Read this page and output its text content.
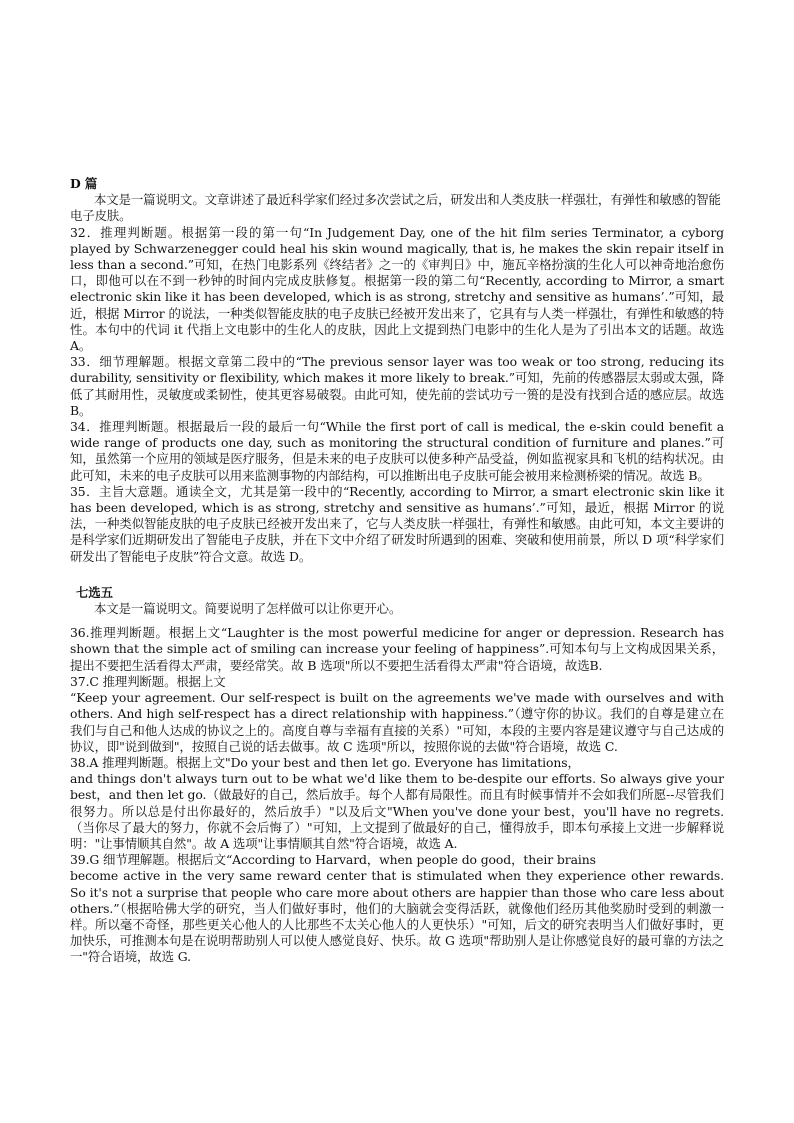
D 篇

本文是一篇说明文。文章讲述了最近科学家们经过多次尝试之后，研发出和人类皮肤一样强壮，有弹性和敏感的智能电子皮肤。

32．推理判断题。根据第一段的第一句“In Judgement Day, one of the hit film series Terminator, a cyborg played by Schwarzenegger could heal his skin wound magically, that is, he makes the skin repair itself in less than a second.”可知，在热门电影系列《终结者》之一的《审判日》中，施瓦辛格扮演的生化人可以神奇地治愈伤口，即他可以在不到一秒钟的时间内完成皮肤修复。根据第一段的第二句“Recently, according to Mirror, a smart electronic skin like it has been developed, which is as strong, stretchy and sensitive as humans’.”可知，最近，根据 Mirror 的说法，一种类似智能皮肤的电子皮肤已经被开发出来了，它具有与人类一样强壮，有弹性和敏感的特性。本句中的代词 it 代指上文电影中的生化人的皮肤，因此上文提到热门电影中的生化人是为了引出本文的话题。故选 A。

33．细节理解题。根据文章第二段中的“The previous sensor layer was too weak or too strong, reducing its durability, sensitivity or flexibility, which makes it more likely to break.”可知，先前的传感器层太弱或太强，降低了其耐用性，灵敏度或柔韧性，使其更容易破裂。由此可知，使先前的尝试功亏一篑的是没有找到合适的感应层。故选 B。

34．推理判断题。根据最后一段的最后一句“While the first port of call is medical, the e-skin could benefit a wide range of products one day, such as monitoring the structural condition of furniture and planes.”可知，虽然第一个应用的领域是医疗服务，但是未来的电子皮肤可以使多种产品受益，例如监视家具和飞机的结构状况。由此可知，未来的电子皮肤可以用来监测事物的内部结构，可以推断出电子皮肤可能会被用来检测桥梁的情况。故选 B。

35．主旨大意题。通读全文，尤其是第一段中的“Recently, according to Mirror, a smart electronic skin like it has been developed, which is as strong, stretchy and sensitive as humans’.”可知，最近，根据 Mirror 的说法，一种类似智能皮肤的电子皮肤已经被开发出来了，它与人类皮肤一样强壮，有弹性和敏感。由此可知，本文主要讲的是科学家们近期研发出了智能电子皮肤，并在下文中介绍了研发时所遇到的困难、突破和使用前景，所以 D 项“科学家们研发出了智能电子皮肤”符合文意。故选 D。

七选五

本文是一篇说明文。简要说明了怎样做可以让你更开心。

36.推理判断题。根据上文“Laughter is the most powerful medicine for anger or depression. Research has shown that the simple act of smiling can increase your feeling of happiness”.可知本句与上文构成因果关系，提出不要把生活看得太严肃，要经常笑。故 B 选项"所以不要把生活看得太严肃"符合语境，故选B.

37.C 推理判断题。根据上文

“Keep your agreement. Our self-respect is built on the agreements we've made with ourselves and with others. And high self-respect has a direct relationship with happiness.”（遵守你的协议。我们的自尊是建立在我们与自己和他人达成的协议之上的。高度自尊与幸福有直接的关系）"可知，本段的主要内容是建议遵守与自己达成的协议，即"说到做到"，按照自己说的话去做事。故 C 选项"所以，按照你说的去做"符合语境，故选 C.

38.A 推理判断题。根据上文"Do your best and then let go. Everyone has limitations，

and things don't always turn out to be what we'd like them to be-despite our efforts. So always give your best，and then let go.（做最好的自己，然后放手。每个人都有局限性。而且有时候事情并不会如我们所愿--尽管我们很努力。所以总是付出你最好的，然后放手）"以及后文"When you've done your best，you'll have no regrets.（当你尽了最大的努力，你就不会后悔了）"可知，上文提到了做最好的自己，懂得放手，即本句承接上文进一步解释说明："让事情顺其自然"。故 A 选项"让事情顺其自然"符合语境，故选 A.

39.G 细节理解题。根据后文“According to Harvard，when people do good，their brains

become active in the very same reward center that is stimulated when they experience other rewards. So it's not a surprise that people who care more about others are happier than those who care less about others.”（根据哈佛大学的研究，当人们做好事时，他们的大脑就会变得活跃，就像他们经历其他奖励时受到的刺激一样。所以毫不奇怪，那些更关心他人的人比那些不太关心他人的人更快乐）"可知，后文的研究表明当人们做好事时，更加快乐，可推测本句是在说明帮助别人可以使人感觉良好、快乐。故 G 选项"帮助别人是让你感觉良好的最可靠的方法之一"符合语境，故选 G.
